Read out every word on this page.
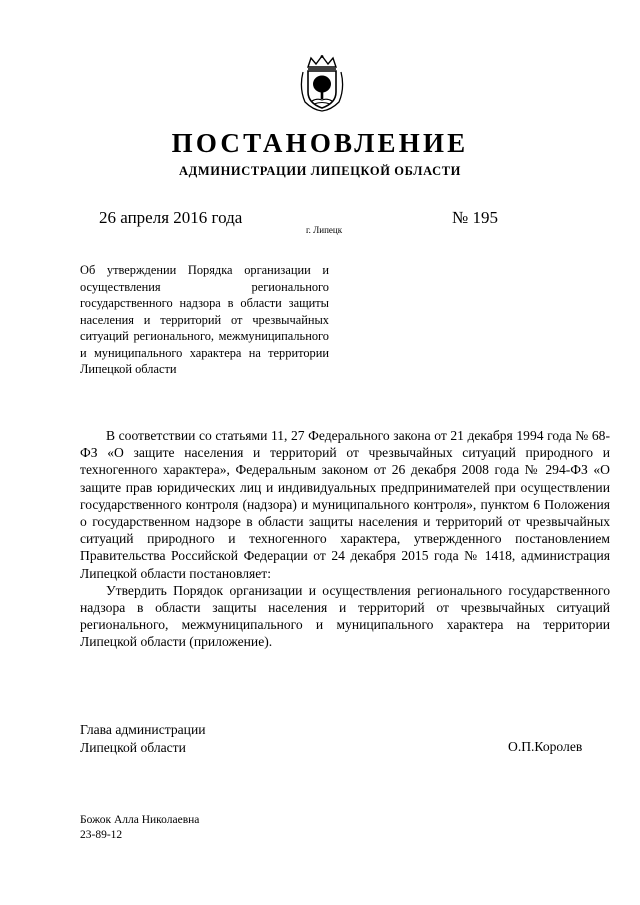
ПОСТАНОВЛЕНИЕ
АДМИНИСТРАЦИИ ЛИПЕЦКОЙ ОБЛАСТИ
26 апреля 2016 года
г. Липецк
№ 195
Об утверждении Порядка организации и осуществления регионального государственного надзора в области защиты населения и территорий от чрезвычайных ситуаций регионального, межмуниципального и муниципального характера на территории Липецкой области

В соответствии со статьями 11, 27 Федерального закона от 21 декабря 1994 года № 68-ФЗ «О защите населения и территорий от чрезвычайных ситуаций природного и техногенного характера», Федеральным законом от 26 декабря 2008 года № 294-ФЗ «О защите прав юридических лиц и индивидуальных предпринимателей при осуществлении государственного контроля (надзора) и муниципального контроля», пунктом 6 Положения о государственном надзоре в области защиты населения и территорий от чрезвычайных ситуаций природного и техногенного характера, утвержденного постановлением Правительства Российской Федерации от 24 декабря 2015 года № 1418, администрация Липецкой области постановляет:

Утвердить Порядок организации и осуществления регионального государственного надзора в области защиты населения и территорий от чрезвычайных ситуаций регионального, межмуниципального и муниципального характера на территории Липецкой области (приложение).

Глава администрации
Липецкой области	О.П.Королев
Божок Алла Николаевна
23-89-12
